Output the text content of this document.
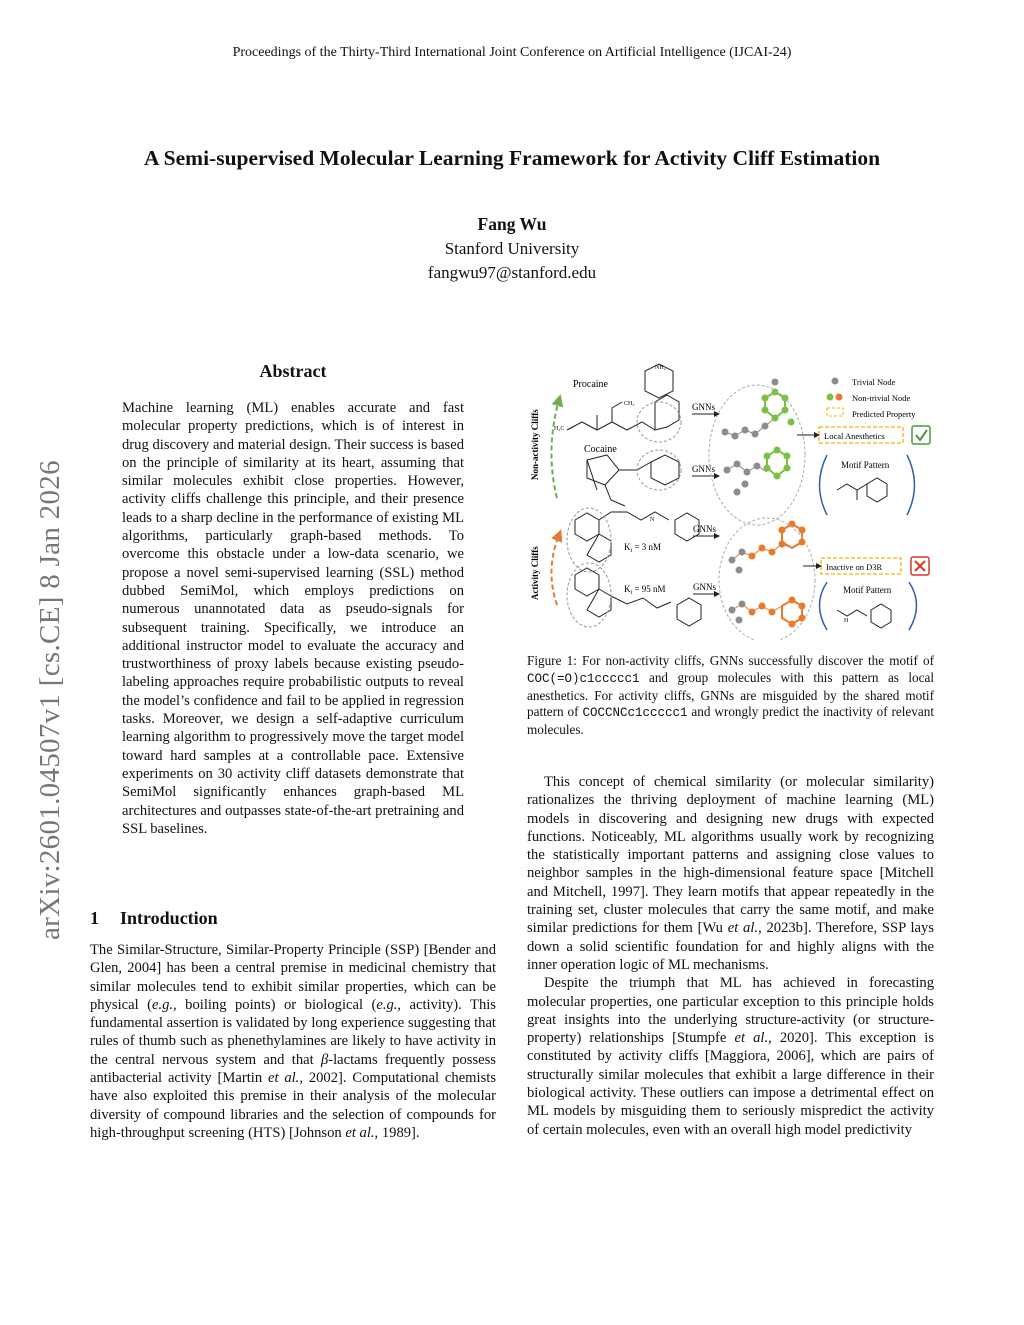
Proceedings of the Thirty-Third International Joint Conference on Artificial Intelligence (IJCAI-24)
A Semi-supervised Molecular Learning Framework for Activity Cliff Estimation
Fang Wu
Stanford University
fangwu97@stanford.edu
arXiv:2601.04507v1 [cs.CE] 8 Jan 2026
Abstract
Machine learning (ML) enables accurate and fast molecular property predictions, which is of interest in drug discovery and material design. Their success is based on the principle of similarity at its heart, assuming that similar molecules exhibit close properties. However, activity cliffs challenge this principle, and their presence leads to a sharp decline in the performance of existing ML algorithms, particularly graph-based methods. To overcome this obstacle under a low-data scenario, we propose a novel semi-supervised learning (SSL) method dubbed SemiMol, which employs predictions on numerous unannotated data as pseudo-signals for subsequent training. Specifically, we introduce an additional instructor model to evaluate the accuracy and trustworthiness of proxy labels because existing pseudo-labeling approaches require probabilistic outputs to reveal the model’s confidence and fail to be applied in regression tasks. Moreover, we design a self-adaptive curriculum learning algorithm to progressively move the target model toward hard samples at a controllable pace. Extensive experiments on 30 activity cliff datasets demonstrate that SemiMol significantly enhances graph-based ML architectures and outpasses state-of-the-art pretraining and SSL baselines.
1 Introduction
The Similar-Structure, Similar-Property Principle (SSP) [Bender and Glen, 2004] has been a central premise in medicinal chemistry that similar molecules tend to exhibit similar properties, which can be physical (e.g., boiling points) or biological (e.g., activity). This fundamental assertion is validated by long experience suggesting that rules of thumb such as phenethylamines are likely to have activity in the central nervous system and that β-lactams frequently possess antibacterial activity [Martin et al., 2002]. Computational chemists have also exploited this premise in their analysis of the molecular diversity of compound libraries and the selection of compounds for high-throughput screening (HTS) [Johnson et al., 1989].
Non-activity Cliffs
Activity Cliffs
Procaine
H₃C
CH₃
NH₂
Cocaine
GNNs
GNNs
Trivial Node
Non-trivial Node
Predicted Property
Local Anesthetics
Motif Pattern
$K_i = 3$ nM
N
$K_i = 95$ nM
GNNs
GNNs
Inactive on D3R
Motif Pattern
H
Figure 1: For non-activity cliffs, GNNs successfully discover the motif of COC(=O)c1ccccc1 and group molecules with this pattern as local anesthetics. For activity cliffs, GNNs are misguided by the shared motif pattern of COCCNCc1ccccc1 and wrongly predict the inactivity of relevant molecules.

This concept of chemical similarity (or molecular similarity) rationalizes the thriving deployment of machine learning (ML) models in discovering and designing new drugs with expected functions. Noticeably, ML algorithms usually work by recognizing the statistically important patterns and assigning close values to neighbor samples in the high-dimensional feature space [Mitchell and Mitchell, 1997]. They learn motifs that appear repeatedly in the training set, cluster molecules that carry the same motif, and make similar predictions for them [Wu et al., 2023b]. Therefore, SSP lays down a solid scientific foundation for and highly aligns with the inner operation logic of ML mechanisms.

Despite the triumph that ML has achieved in forecasting molecular properties, one particular exception to this principle holds great insights into the underlying structure-activity (or structure-property) relationships [Stumpfe et al., 2020]. This exception is constituted by activity cliffs [Maggiora, 2006], which are pairs of structurally similar molecules that exhibit a large difference in their biological activity. These outliers can impose a detrimental effect on ML models by misguiding them to seriously mispredict the activity of certain molecules, even with an overall high model predictivity
